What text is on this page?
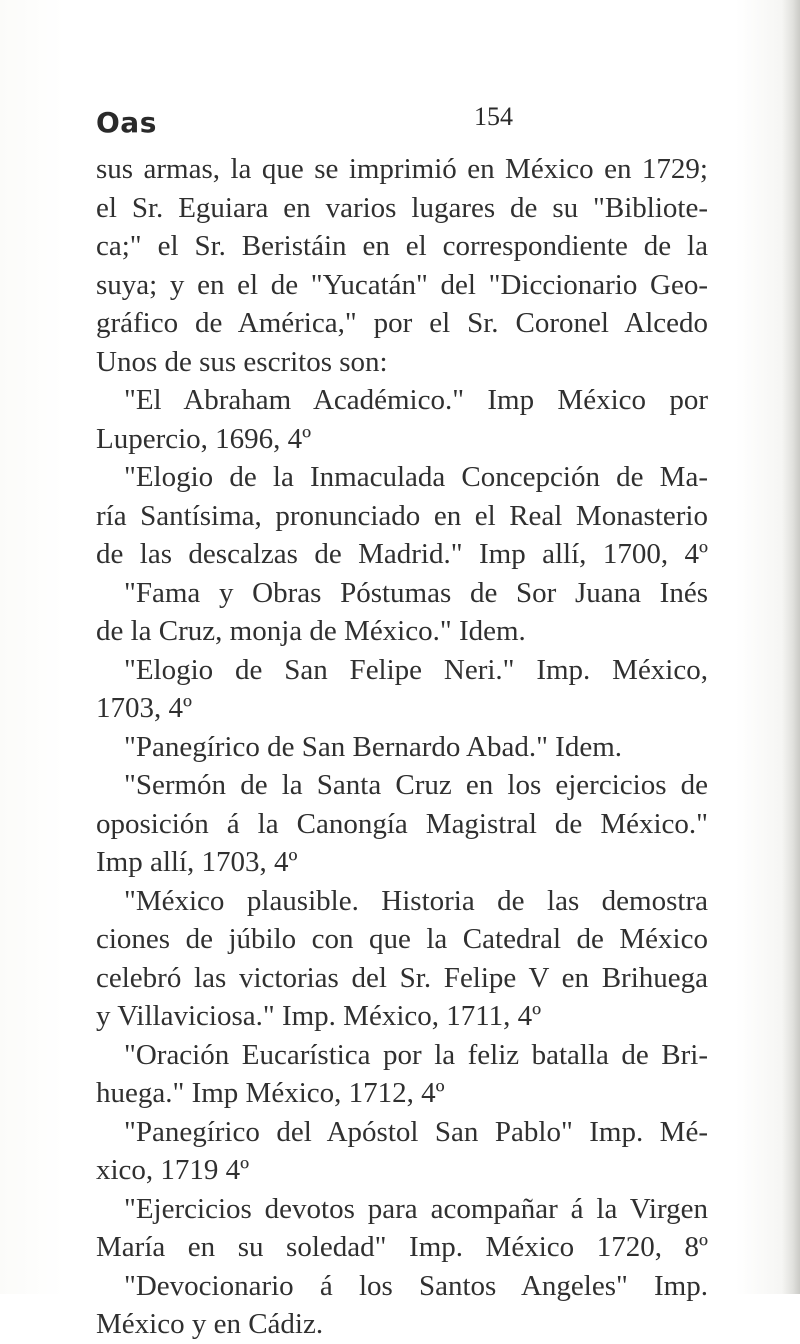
Oas	154
sus armas, la que se imprimió en México en 1729;
el Sr. Eguiara en varios lugares de su "Bibliote-
ca;" el Sr. Beristáin en el correspondiente de la
suya; y en el de "Yucatán" del "Diccionario Geo-
gráfico de América," por el Sr. Coronel Alcedo
Unos de sus escritos son:
"El Abraham Académico." Imp México por
Lupercio, 1696, 4º
"Elogio de la Inmaculada Concepción de Ma-
ría Santísima, pronunciado en el Real Monasterio
de las descalzas de Madrid." Imp allí, 1700, 4º
"Fama y Obras Póstumas de Sor Juana Inés
de la Cruz, monja de México." Idem.
"Elogio de San Felipe Neri." Imp. México,
1703, 4º
"Panegírico de San Bernardo Abad." Idem.
"Sermón de la Santa Cruz en los ejercicios de
oposición á la Canongía Magistral de México."
Imp allí, 1703, 4º
"México plausible. Historia de las demostra
ciones de júbilo con que la Catedral de México
celebró las victorias del Sr. Felipe V en Brihuega
y Villaviciosa." Imp. México, 1711, 4º
"Oración Eucarística por la feliz batalla de Bri-
huega." Imp México, 1712, 4º
"Panegírico del Apóstol San Pablo" Imp. Mé-
xico, 1719 4º
"Ejercicios devotos para acompañar á la Virgen
María en su soledad" Imp. México 1720, 8º
"Devocionario á los Santos Angeles" Imp.
México y en Cádiz.
